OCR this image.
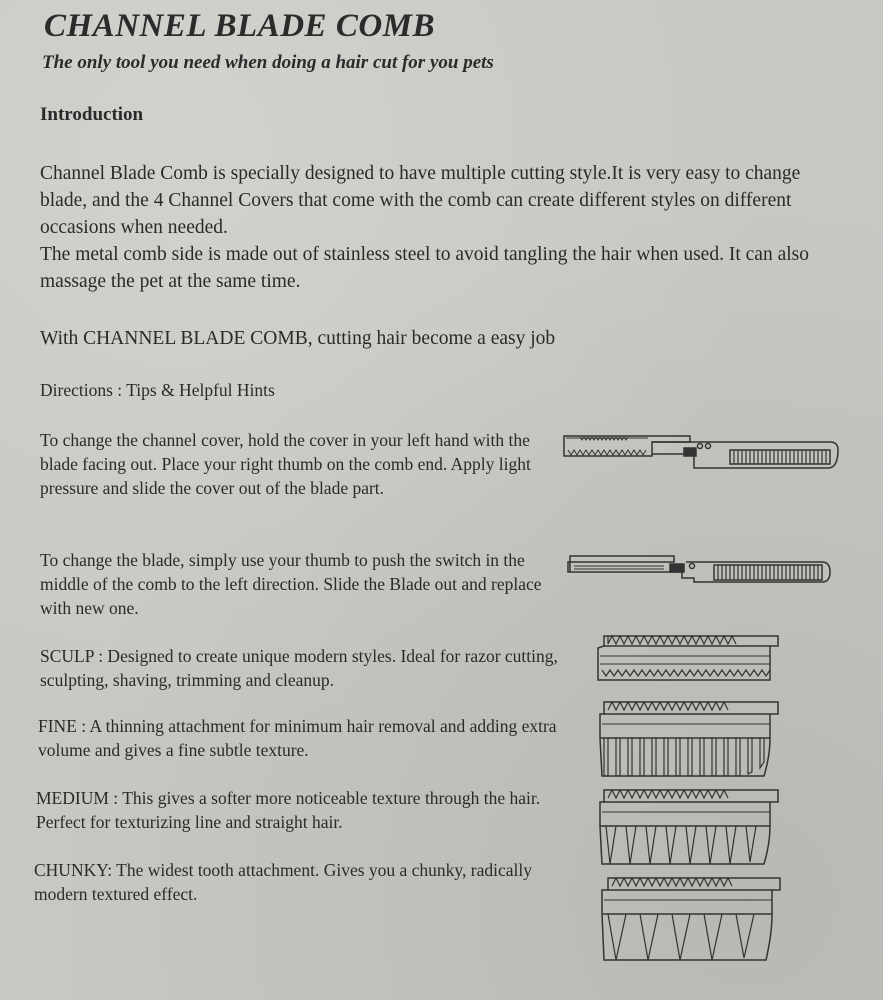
CHANNEL BLADE COMB
The only tool you need when doing a hair cut for you pets
Introduction

Channel Blade Comb is specially designed to have multiple cutting style.It is very easy to change blade, and the 4 Channel Covers that come with the comb can create different styles on different occasions when needed.

The metal comb side is made out of stainless steel to avoid tangling the hair when used. It can also massage the pet at the same time.

With CHANNEL BLADE COMB, cutting hair become a easy job

Directions : Tips & Helpful Hints

To change the channel cover, hold the cover in your left hand with the blade facing out. Place your right thumb on the comb end. Apply light pressure and slide the cover out of the blade part.

To change the blade, simply use your thumb to push the switch in the middle of the comb to the left direction. Slide the Blade out and replace with new one.

SCULP : Designed to create unique modern styles. Ideal for razor cutting, sculpting, shaving, trimming and cleanup.

FINE : A thinning attachment for minimum hair removal and adding extra volume and gives a fine subtle texture.

MEDIUM : This gives a softer more noticeable texture through the hair. Perfect for texturizing line and straight hair.

CHUNKY: The widest tooth attachment. Gives you a chunky, radically modern textured effect.
